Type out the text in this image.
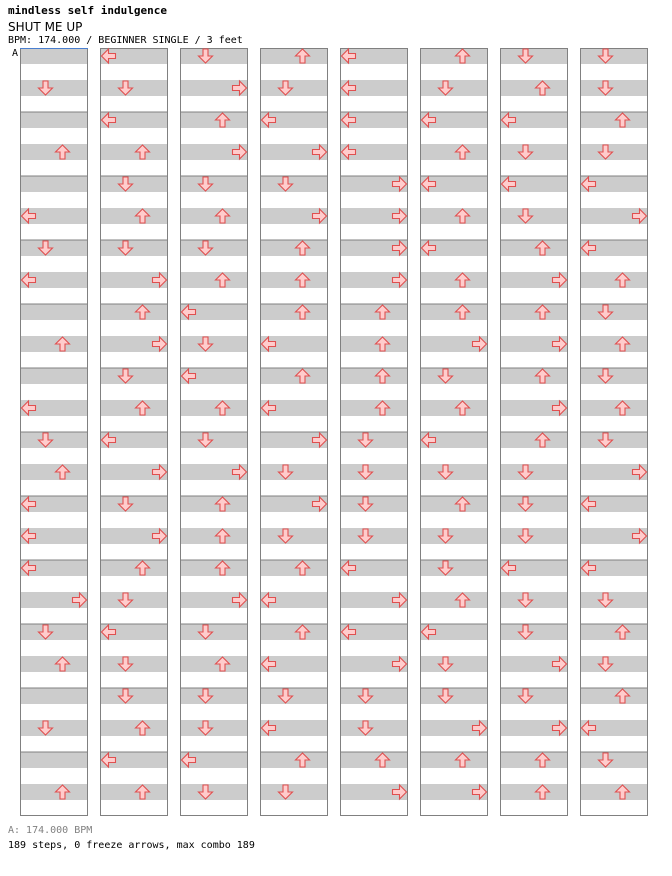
mindless self indulgence
SHUT ME UP
BPM: 174.000 / BEGINNER SINGLE / 3 feet
A
A: 174.000 BPM
189 steps, 0 freeze arrows, max combo 189
